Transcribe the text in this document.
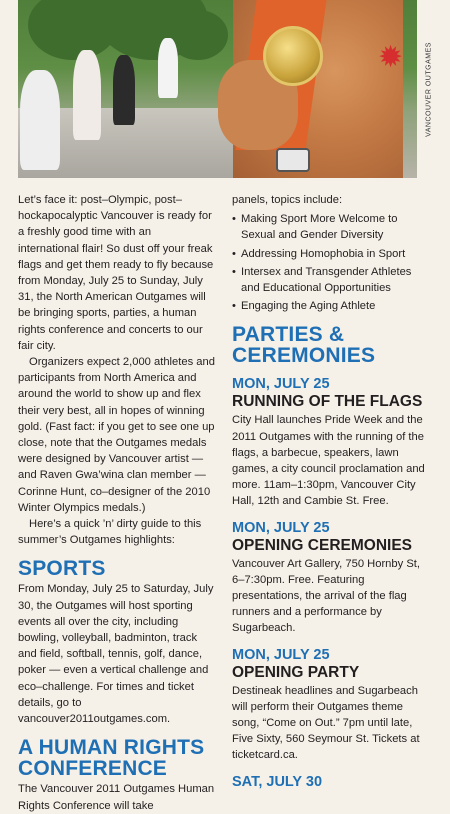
✹	VANCOUVER OUTGAMES

Let’s face it: post–Olympic, post–hockapocalyptic Vancouver is ready for a freshly good time with an international flair! So dust off your freak flags and get them ready to fly because from Monday, July 25 to Sunday, July 31, the North American Outgames will be bringing sports, parties, a human rights conference and concerts to our fair city.

Organizers expect 2,000 athletes and participants from North America and around the world to show up and flex their very best, all in hopes of winning gold. (Fast fact: if you get to see one up close, note that the Outgames medals were designed by Vancouver artist — and Raven Gwa’wina clan member — Corinne Hunt, co–designer of the 2010 Winter Olympics medals.)

Here’s a quick ’n’ dirty guide to this summer’s Outgames highlights:

SPORTS

From Monday, July 25 to Saturday, July 30, the Outgames will host sporting events all over the city, including bowling, volleyball, badminton, track and field, softball, tennis, golf, dance, poker — even a vertical challenge and eco–challenge. For times and ticket details, go to vancouver2011outgames.com.

A HUMAN RIGHTS CONFERENCE

The Vancouver 2011 Outgames Human Rights Conference will take

panels, topics include:

• Making Sport More Welcome to Sexual and Gender Diversity
• Addressing Homophobia in Sport
• Intersex and Transgender Athletes and Educational Opportunities
• Engaging the Aging Athlete
PARTIES & CEREMONIES
MON, JULY 25
RUNNING OF THE FLAGS

City Hall launches Pride Week and the 2011 Outgames with the running of the flags, a barbecue, speakers, lawn games, a city council proclamation and more. 11am–1:30pm, Vancouver City Hall, 12th and Cambie St. Free.

MON, JULY 25
OPENING CEREMONIES

Vancouver Art Gallery, 750 Hornby St, 6–7:30pm. Free. Featuring presentations, the arrival of the flag runners and a performance by Sugarbeach.

MON, JULY 25
OPENING PARTY

Destineak headlines and Sugarbeach will perform their Outgames theme song, “Come on Out.” 7pm until late, Five Sixty, 560 Seymour St. Tickets at ticketcard.ca.

SAT, JULY 30
